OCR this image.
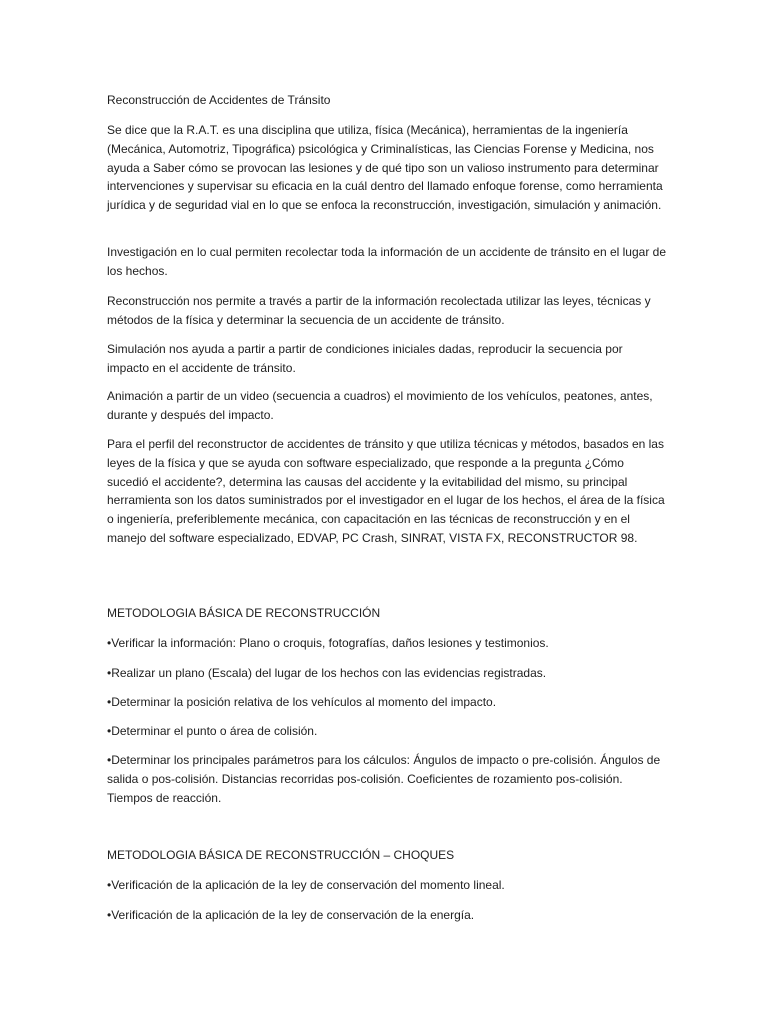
Reconstrucción de Accidentes de Tránsito
Se dice que la R.A.T. es una disciplina que utiliza, física (Mecánica), herramientas de la ingeniería (Mecánica, Automotriz, Tipográfica) psicológica y Criminalísticas, las Ciencias Forense y Medicina, nos ayuda a Saber cómo se provocan las lesiones y de qué tipo son un valioso instrumento para determinar intervenciones y supervisar su eficacia en la cuál dentro del llamado enfoque forense, como herramienta jurídica y de seguridad vial en lo que se enfoca la reconstrucción, investigación, simulación y animación.
Investigación en lo cual permiten recolectar toda la información de un accidente de tránsito en el lugar de los hechos.
Reconstrucción nos permite a través a partir de la información recolectada utilizar las leyes, técnicas y métodos de la física y determinar la secuencia de un accidente de tránsito.
Simulación nos ayuda a partir a partir de condiciones iniciales dadas, reproducir la secuencia por impacto en el accidente de tránsito.
Animación a partir de un video (secuencia a cuadros) el movimiento de los vehículos, peatones, antes, durante y después del impacto.
Para el perfil del reconstructor de accidentes de tránsito y que utiliza técnicas y métodos, basados en las leyes de la física y que se ayuda con software especializado, que responde a la pregunta ¿Cómo sucedió el accidente?, determina las causas del accidente y la evitabilidad del mismo, su principal herramienta son los datos suministrados por el investigador en el lugar de los hechos, el área de la física o ingeniería, preferiblemente mecánica, con capacitación en las técnicas de reconstrucción y en el manejo del software especializado, EDVAP, PC Crash, SINRAT, VISTA FX, RECONSTRUCTOR 98.
METODOLOGIA BÁSICA DE RECONSTRUCCIÓN
•Verificar la información: Plano o croquis, fotografías, daños lesiones y testimonios.
•Realizar un plano (Escala) del lugar de los hechos con las evidencias registradas.
•Determinar la posición relativa de los vehículos al momento del impacto.
•Determinar el punto o área de colisión.
•Determinar los principales parámetros para los cálculos: Ángulos de impacto o pre-colisión. Ángulos de salida o pos-colisión. Distancias recorridas pos-colisión. Coeficientes de rozamiento pos-colisión. Tiempos de reacción.
METODOLOGIA BÁSICA DE RECONSTRUCCIÓN – CHOQUES
•Verificación de la aplicación de la ley de conservación del momento lineal.
•Verificación de la aplicación de la ley de conservación de la energía.
